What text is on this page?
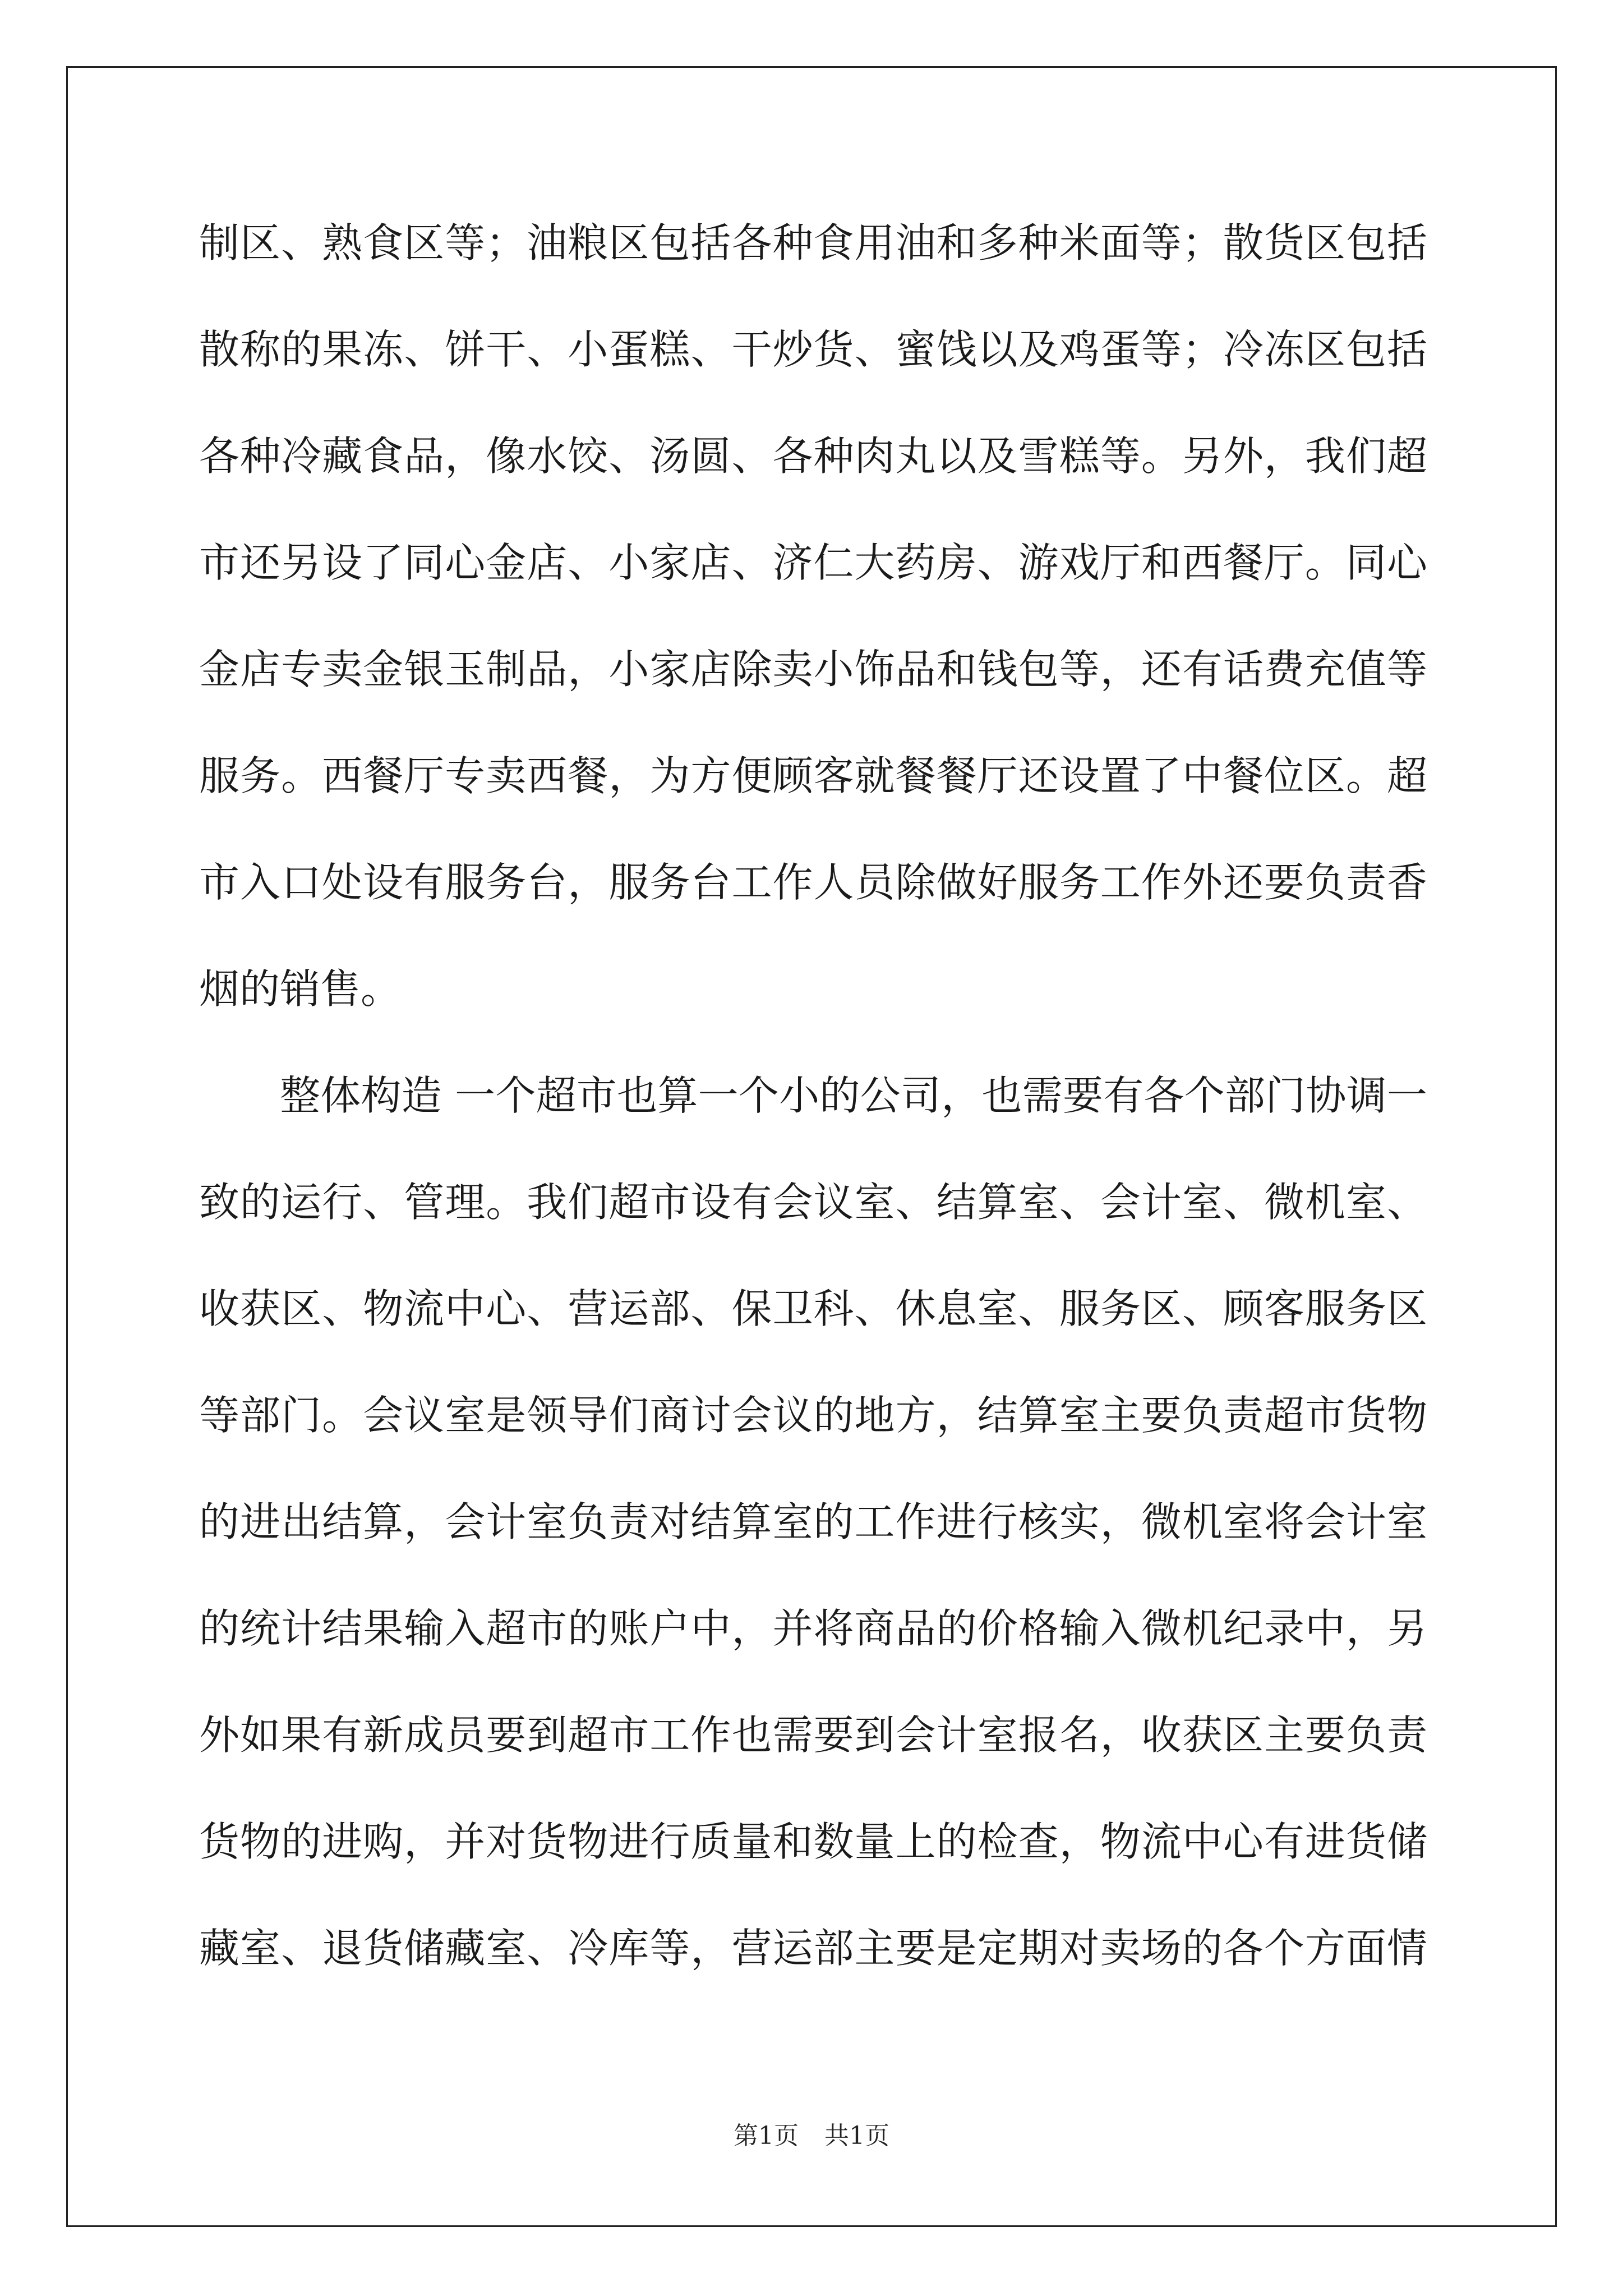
制区、熟食区等；油粮区包括各种食用油和多种米面等；散货区包括
散称的果冻、饼干、小蛋糕、干炒货、蜜饯以及鸡蛋等；冷冻区包括
各种冷藏食品，像水饺、汤圆、各种肉丸以及雪糕等。另外，我们超
市还另设了同心金店、小家店、济仁大药房、游戏厅和西餐厅。同心
金店专卖金银玉制品，小家店除卖小饰品和钱包等，还有话费充值等
服务。西餐厅专卖西餐，为方便顾客就餐餐厅还设置了中餐位区。超
市入口处设有服务台，服务台工作人员除做好服务工作外还要负责香
烟的销售。
整体构造 一个超市也算一个小的公司，也需要有各个部门协调一
致的运行、管理。我们超市设有会议室、结算室、会计室、微机室、
收获区、物流中心、营运部、保卫科、休息室、服务区、顾客服务区
等部门。会议室是领导们商讨会议的地方，结算室主要负责超市货物
的进出结算，会计室负责对结算室的工作进行核实，微机室将会计室
的统计结果输入超市的账户中，并将商品的价格输入微机纪录中，另
外如果有新成员要到超市工作也需要到会计室报名，收获区主要负责
货物的进购，并对货物进行质量和数量上的检查，物流中心有进货储
藏室、退货储藏室、冷库等，营运部主要是定期对卖场的各个方面情
第1页 共1页
